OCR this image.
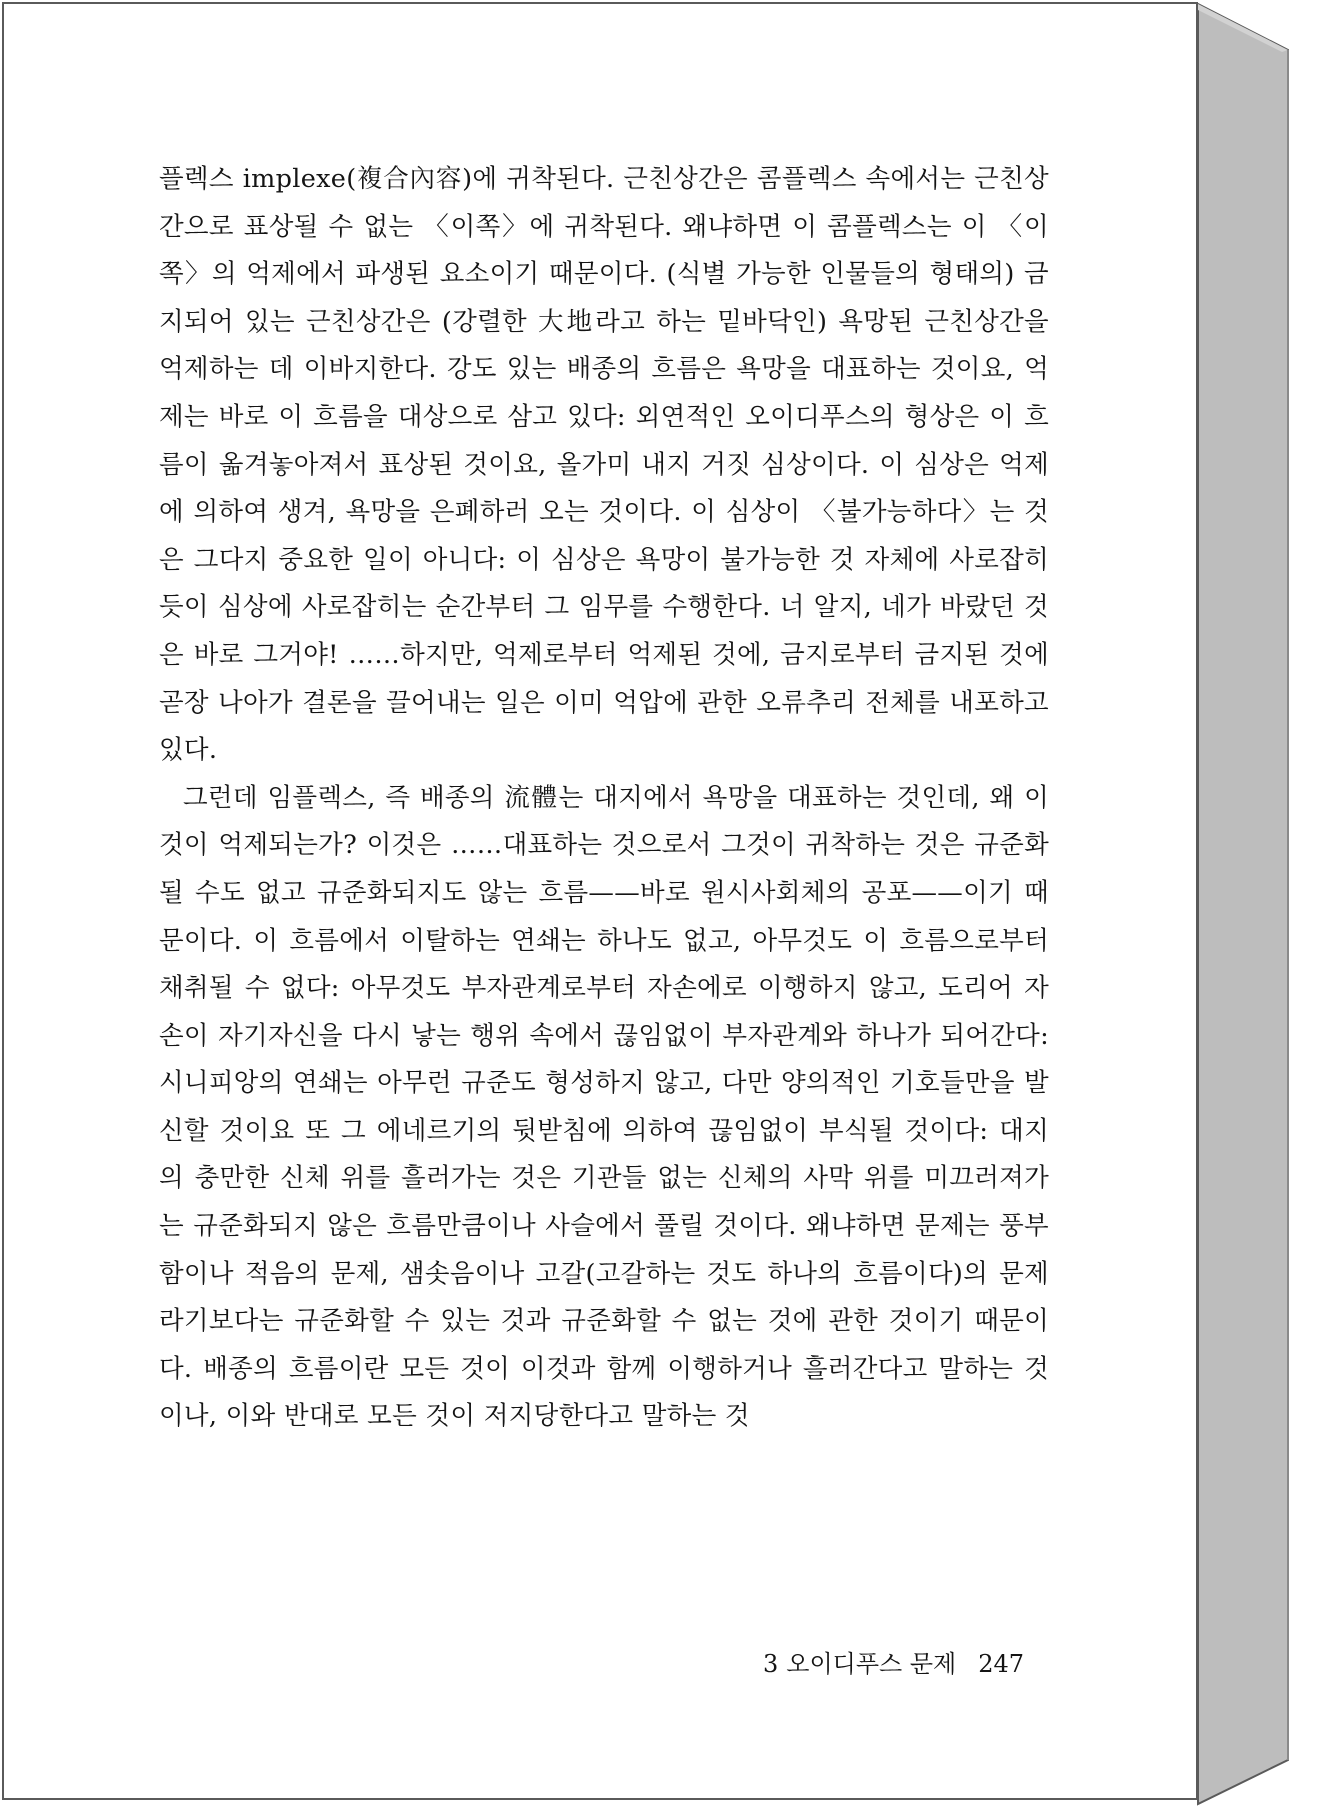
플렉스 implexe(複合內容)에 귀착된다. 근친상간은 콤플렉스 속에서는 근친상간으로 표상될 수 없는 〈이쪽〉에 귀착된다. 왜냐하면 이 콤플렉스는 이 〈이쪽〉의 억제에서 파생된 요소이기 때문이다. (식별 가능한 인물들의 형태의) 금지되어 있는 근친상간은 (강렬한 大地라고 하는 밑바닥인) 욕망된 근친상간을 억제하는 데 이바지한다. 강도 있는 배종의 흐름은 욕망을 대표하는 것이요, 억제는 바로 이 흐름을 대상으로 삼고 있다: 외연적인 오이디푸스의 형상은 이 흐름이 옮겨놓아져서 표상된 것이요, 올가미 내지 거짓 심상이다. 이 심상은 억제에 의하여 생겨, 욕망을 은폐하러 오는 것이다. 이 심상이 〈불가능하다〉는 것은 그다지 중요한 일이 아니다: 이 심상은 욕망이 불가능한 것 자체에 사로잡히듯이 심상에 사로잡히는 순간부터 그 임무를 수행한다. 너 알지, 네가 바랐던 것은 바로 그거야! ……하지만, 억제로부터 억제된 것에, 금지로부터 금지된 것에 곧장 나아가 결론을 끌어내는 일은 이미 억압에 관한 오류추리 전체를 내포하고 있다.

그런데 임플렉스, 즉 배종의 流體는 대지에서 욕망을 대표하는 것인데, 왜 이것이 억제되는가? 이것은 ……대표하는 것으로서 그것이 귀착하는 것은 규준화될 수도 없고 규준화되지도 않는 흐름——바로 원시사회체의 공포——이기 때문이다. 이 흐름에서 이탈하는 연쇄는 하나도 없고, 아무것도 이 흐름으로부터 채취될 수 없다: 아무것도 부자관계로부터 자손에로 이행하지 않고, 도리어 자손이 자기자신을 다시 낳는 행위 속에서 끊임없이 부자관계와 하나가 되어간다: 시니피앙의 연쇄는 아무런 규준도 형성하지 않고, 다만 양의적인 기호들만을 발신할 것이요 또 그 에네르기의 뒷받침에 의하여 끊임없이 부식될 것이다: 대지의 충만한 신체 위를 흘러가는 것은 기관들 없는 신체의 사막 위를 미끄러져가는 규준화되지 않은 흐름만큼이나 사슬에서 풀릴 것이다. 왜냐하면 문제는 풍부함이나 적음의 문제, 샘솟음이나 고갈(고갈하는 것도 하나의 흐름이다)의 문제라기보다는 규준화할 수 있는 것과 규준화할 수 없는 것에 관한 것이기 때문이다. 배종의 흐름이란 모든 것이 이것과 함께 이행하거나 흘러간다고 말하는 것이나, 이와 반대로 모든 것이 저지당한다고 말하는 것

3 오이디푸스 문제 247
